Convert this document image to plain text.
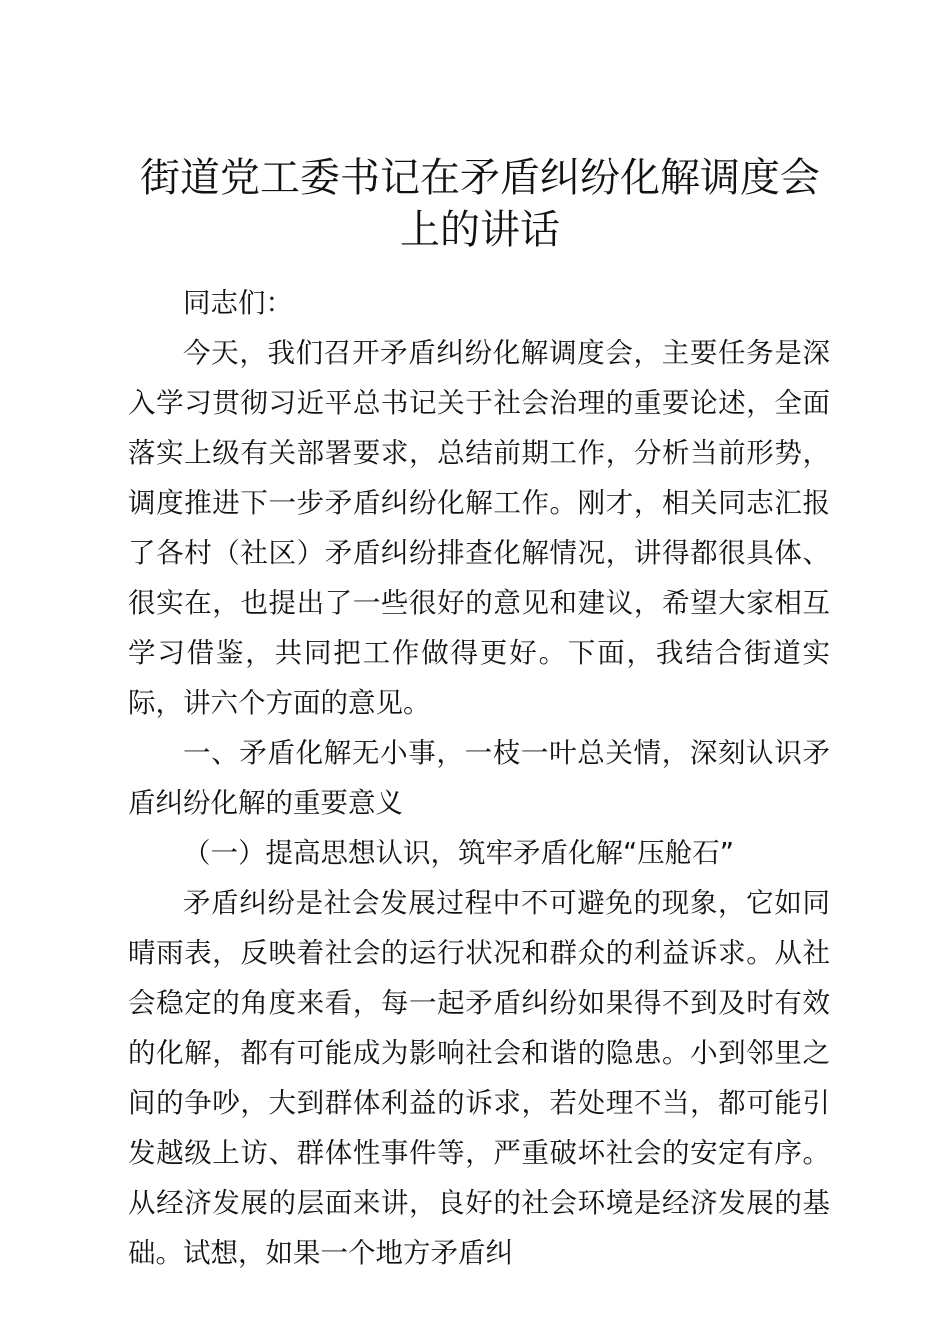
街道党工委书记在矛盾纠纷化解调度会上的讲话

同志们：

今天，我们召开矛盾纠纷化解调度会，主要任务是深入学习贯彻习近平总书记关于社会治理的重要论述，全面落实上级有关部署要求，总结前期工作，分析当前形势，调度推进下一步矛盾纠纷化解工作。刚才，相关同志汇报了各村（社区）矛盾纠纷排查化解情况，讲得都很具体、很实在，也提出了一些很好的意见和建议，希望大家相互学习借鉴，共同把工作做得更好。下面，我结合街道实际，讲六个方面的意见。

一、矛盾化解无小事，一枝一叶总关情，深刻认识矛盾纠纷化解的重要意义

（一）提高思想认识，筑牢矛盾化解“压舱石”

矛盾纠纷是社会发展过程中不可避免的现象，它如同晴雨表，反映着社会的运行状况和群众的利益诉求。从社会稳定的角度来看，每一起矛盾纠纷如果得不到及时有效的化解，都有可能成为影响社会和谐的隐患。小到邻里之间的争吵，大到群体利益的诉求，若处理不当，都可能引发越级上访、群体性事件等，严重破坏社会的安定有序。从经济发展的层面来讲，良好的社会环境是经济发展的基础。试想，如果一个地方矛盾纠
